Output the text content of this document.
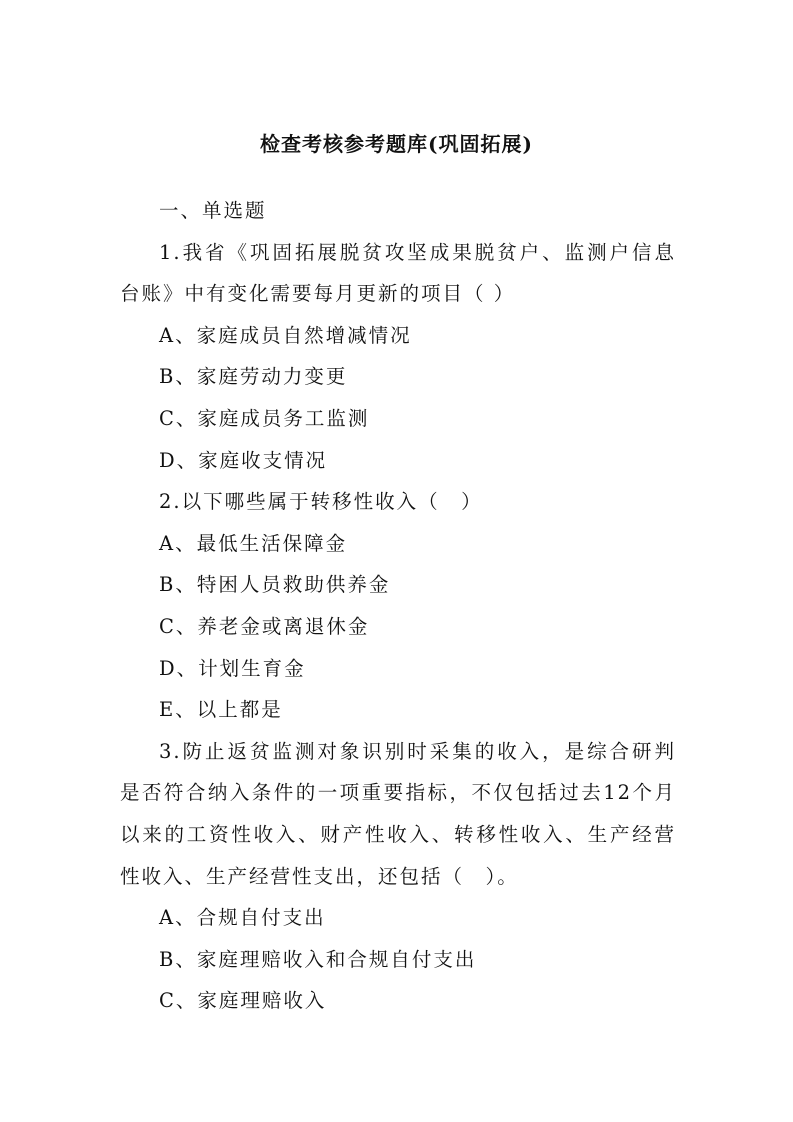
检查考核参考题库(巩固拓展)

一、单选题

1.我省《巩固拓展脱贫攻坚成果脱贫户、监测户信息台账》中有变化需要每月更新的项目（ ）

A、家庭成员自然增减情况

B、家庭劳动力变更

C、家庭成员务工监测

D、家庭收支情况

2.以下哪些属于转移性收入（　）

A、最低生活保障金

B、特困人员救助供养金

C、养老金或离退休金

D、计划生育金

E、以上都是

3.防止返贫监测对象识别时采集的收入，是综合研判是否符合纳入条件的一项重要指标，不仅包括过去12个月以来的工资性收入、财产性收入、转移性收入、生产经营性收入、生产经营性支出，还包括（　）。

A、合规自付支出

B、家庭理赔收入和合规自付支出

C、家庭理赔收入
